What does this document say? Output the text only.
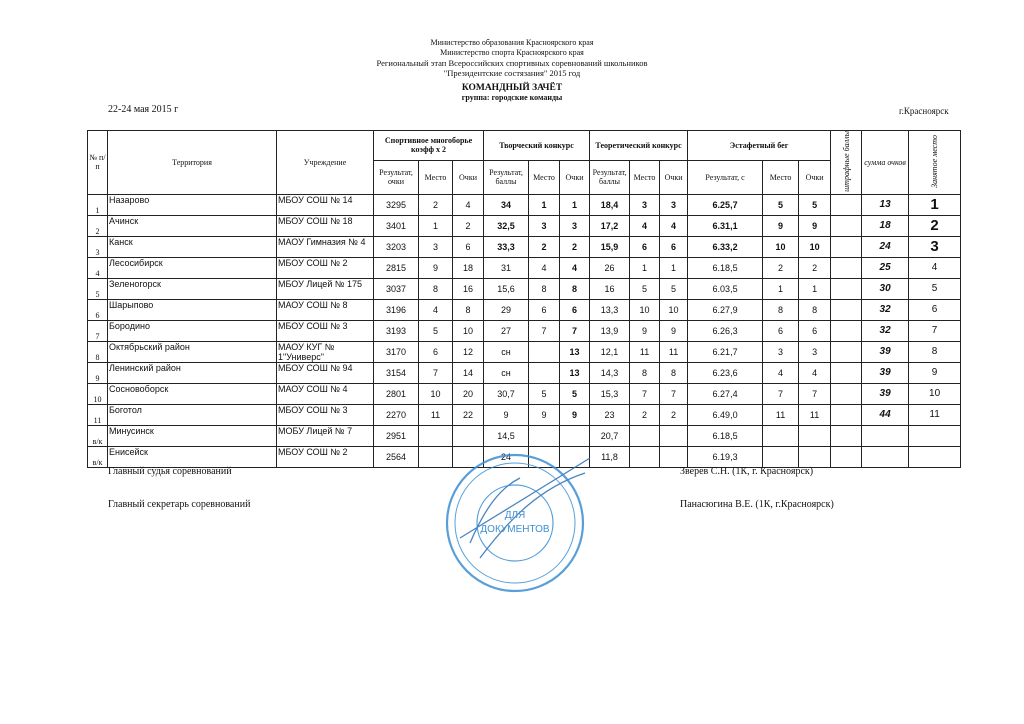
Министерство образования Красноярского края
Министерство спорта Красноярского края
Региональный этап Всероссийских спортивных соревнований школьников
"Президентские состязания" 2015 год
КОМАНДНЫЙ ЗАЧЁТ
группа: городские команды
22-24 мая 2015 г	г.Красноярск
№ п/п	Территория	Учреждение	Спортивное многоборье коэфф х 2			Творческий конкурс			Теоретический конкурс			Эстафетный бег			штрафные баллы	сумма очков	Занятое место
			Результат, очки	Место	Очки	Результат, баллы	Место	Очки	Результат, баллы	Место	Очки	Результат, с	Место	Очки			
1	Назарово	МБОУ СОШ № 14	3295	2	4	34	1	1	18,4	3	3	6.25,7	5	5		13	1
2	Ачинск	МБОУ СОШ № 18	3401	1	2	32,5	3	3	17,2	4	4	6.31,1	9	9		18	2
3	Канск	МАОУ Гимназия № 4	3203	3	6	33,3	2	2	15,9	6	6	6.33,2	10	10		24	3
4	Лесосибирск	МБОУ СОШ № 2	2815	9	18	31	4	4	26	1	1	6.18,5	2	2		25	4
5	Зеленогорск	МБОУ Лицей № 175	3037	8	16	15,6	8	8	16	5	5	6.03,5	1	1		30	5
6	Шарыпово	МАОУ СОШ № 8	3196	4	8	29	6	6	13,3	10	10	6.27,9	8	8		32	6
7	Бородино	МБОУ СОШ № 3	3193	5	10	27	7	7	13,9	9	9	6.26,3	6	6		32	7
8	Октябрьский район	МАОУ КУГ № 1"Универс"	3170	6	12	сн		13	12,1	11	11	6.21,7	3	3		39	8
9	Ленинский район	МБОУ СОШ № 94	3154	7	14	сн		13	14,3	8	8	6.23,6	4	4		39	9
10	Сосновоборск	МАОУ СОШ № 4	2801	10	20	30,7	5	5	15,3	7	7	6.27,4	7	7		39	10
11	Боготол	МБОУ СОШ № 3	2270	11	22	9	9	9	23	2	2	6.49,0	11	11		44	11
в/к	Минусинск	МОБУ Лицей № 7	2951			14,5			20,7			6.18,5					
в/к	Енисейск	МБОУ СОШ № 2	2564			24			11,8			6.19,3					
Главный судья соревнований	Зверев С.Н. (1К, г. Красноярск)
Главный секретарь соревнований	Панасюгина В.Е. (1К, г.Красноярск)
ДЛЯ
ДОКУМЕНТОВ
